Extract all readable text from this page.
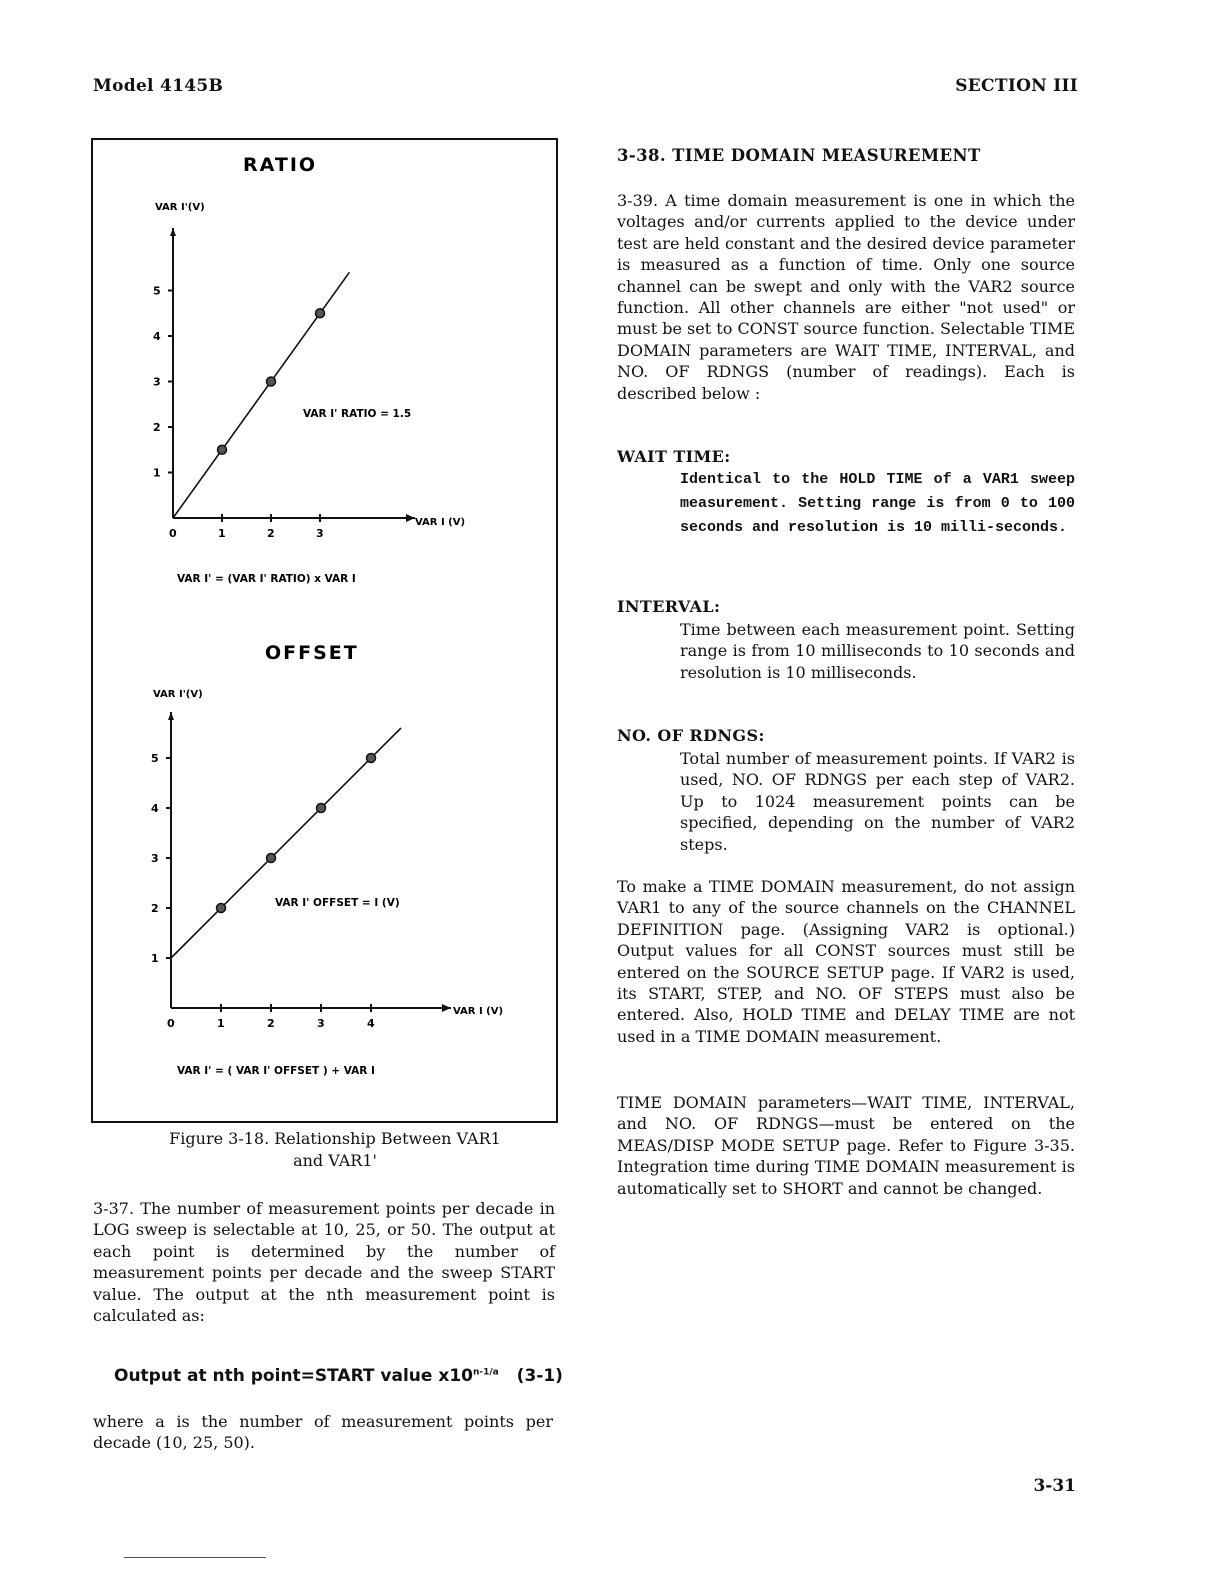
Model 4145B	SECTION III
RATIO
VAR I'(V)
VAR I (V)
VAR I' RATIO = 1.5
VAR I' = (VAR I' RATIO) x VAR I
0	1	2	3
1
2
3
4
5
OFFSET
VAR I'(V)
VAR I (V)
VAR I' OFFSET = I (V)
VAR I' = ( VAR I' OFFSET ) + VAR I
0	1	2	3	4
1
2
3
4
5
Figure 3-18. Relationship Between VAR1
and VAR1'

3-37. The number of measurement points per decade in LOG sweep is selectable at 10, 25, or 50. The output at each point is determined by the number of measurement points per decade and the sweep START value. The output at the nth measurement point is calculated as:

Output at nth point=START value $x10^{n-1/a}$ (3-1)

where a is the number of measurement points per decade (10, 25, 50).

3-38. TIME DOMAIN MEASUREMENT

3-39. A time domain measurement is one in which the voltages and/or currents applied to the device under test are held constant and the desired device parameter is measured as a function of time. Only one source channel can be swept and only with the VAR2 source function. All other channels are either "not used" or must be set to CONST source function. Selectable TIME DOMAIN parameters are WAIT TIME, INTERVAL, and NO. OF RDNGS (number of readings). Each is described below :

WAIT TIME:

Identical to the HOLD TIME of a VAR1 sweep measurement. Setting range is from 0 to 100 seconds and resolution is 10 milli-seconds.

INTERVAL:

Time between each measurement point. Setting range is from 10 milliseconds to 10 seconds and resolution is 10 milliseconds.

NO. OF RDNGS:

Total number of measurement points. If VAR2 is used, NO. OF RDNGS per each step of VAR2. Up to 1024 measurement points can be specified, depending on the number of VAR2 steps.

To make a TIME DOMAIN measurement, do not assign VAR1 to any of the source channels on the CHANNEL DEFINITION page. (Assigning VAR2 is optional.) Output values for all CONST sources must still be entered on the SOURCE SETUP page. If VAR2 is used, its START, STEP, and NO. OF STEPS must also be entered. Also, HOLD TIME and DELAY TIME are not used in a TIME DOMAIN measurement.

TIME DOMAIN parameters—WAIT TIME, INTERVAL, and NO. OF RDNGS—must be entered on the MEAS/DISP MODE SETUP page. Refer to Figure 3-35. Integration time during TIME DOMAIN measurement is automatically set to SHORT and cannot be changed.

3-31
